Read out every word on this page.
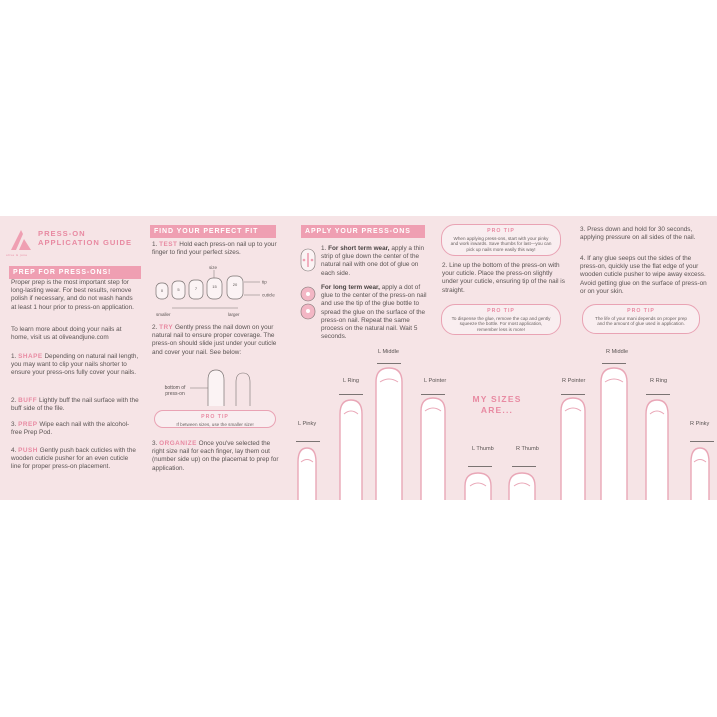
olive & june
PRESS-ON
APPLICATION GUIDE
PREP FOR PRESS-ONS!
Proper prep is the most important step for long-lasting wear. For best results, remove polish if necessary, and do not wash hands at least 1 hour prior to press-on application.
To learn more about doing your nails at home, visit us at oliveandjune.com
1. SHAPE Depending on natural nail length, you may want to clip your nails shorter to ensure your press-ons fully cover your nails.
2. BUFF Lightly buff the nail surface with the buff side of the file.
3. PREP Wipe each nail with the alcohol-free Prep Pod.
4. PUSH Gently push back cuticles with the wooden cuticle pusher for an even cuticle line for proper press-on placement.
FIND YOUR PERFECT FIT
1. TEST Hold each press-on nail up to your finger to find your perfect sizes.
0	5	7	15	20
size
tip
cuticle
smaller	larger
2. TRY Gently press the nail down on your natural nail to ensure proper coverage. The press-on should slide just under your cuticle and cover your nail. See below:
bottom of press-on
PRO TIP
If between sizes, use the smaller size!
3. ORGANIZE Once you've selected the right size nail for each finger, lay them out (number side up) on the placemat to prep for application.
APPLY YOUR PRESS-ONS
1. For short term wear, apply a thin strip of glue down the center of the natural nail with one dot of glue on each side.
For long term wear, apply a dot of glue to the center of the press-on nail and use the tip of the glue bottle to spread the glue on the surface of the press-on nail. Repeat the same process on the natural nail. Wait 5 seconds.
PRO TIP
When applying press-ons, start with your pinky and work inwards. Save thumbs for last—you can pick up nails more easily this way!
2. Line up the bottom of the press-on with your cuticle. Place the press-on slightly under your cuticle, ensuring tip of the nail is straight.
PRO TIP
To dispense the glue, remove the cap and gently squeeze the bottle. For most application, remember less is more!
3. Press down and hold for 30 seconds, applying pressure on all sides of the nail.
4. If any glue seeps out the sides of the press-on, quickly use the flat edge of your wooden cuticle pusher to wipe away excess. Avoid getting glue on the surface of press-on or on your skin.
PRO TIP
The life of your mani depends on proper prep and the amount of glue used in application.
MY SIZES
ARE...
L Pinky
L Ring
L Middle
L Pointer
L Thumb	R Thumb
R Pointer
R Middle
R Ring
R Pinky
